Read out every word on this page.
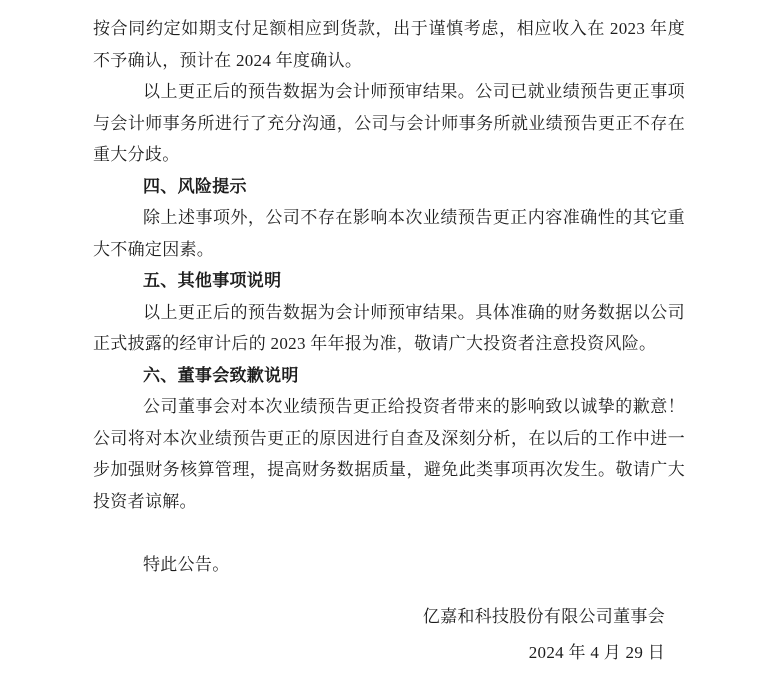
按合同约定如期支付足额相应到货款，出于谨慎考虑，相应收入在 2023 年度不予确认，预计在 2024 年度确认。

以上更正后的预告数据为会计师预审结果。公司已就业绩预告更正事项与会计师事务所进行了充分沟通，公司与会计师事务所就业绩预告更正不存在重大分歧。

四、风险提示

除上述事项外，公司不存在影响本次业绩预告更正内容准确性的其它重大不确定因素。

五、其他事项说明

以上更正后的预告数据为会计师预审结果。具体准确的财务数据以公司正式披露的经审计后的 2023 年年报为准，敬请广大投资者注意投资风险。

六、董事会致歉说明

公司董事会对本次业绩预告更正给投资者带来的影响致以诚挚的歉意！公司将对本次业绩预告更正的原因进行自查及深刻分析，在以后的工作中进一步加强财务核算管理，提高财务数据质量，避免此类事项再次发生。敬请广大投资者谅解。

特此公告。

亿嘉和科技股份有限公司董事会

2024 年 4 月 29 日
